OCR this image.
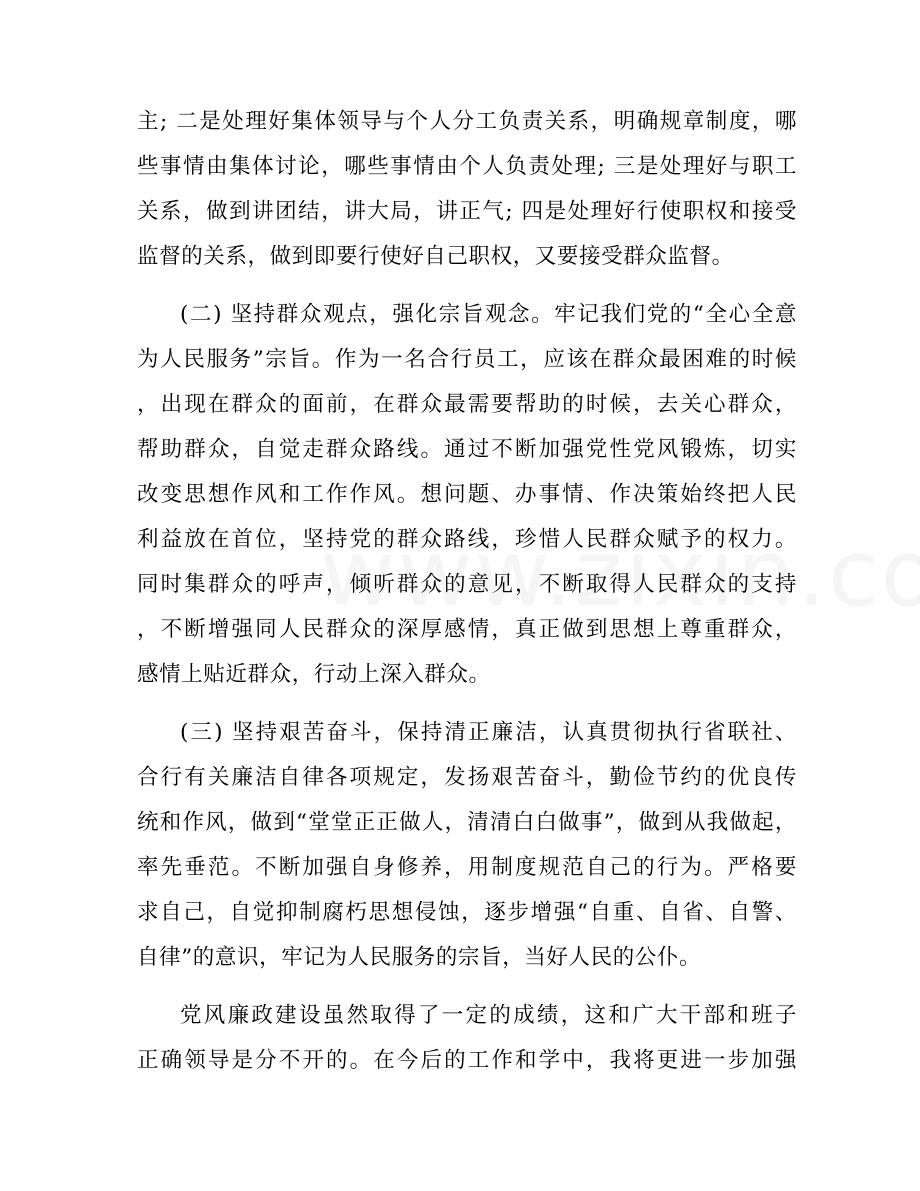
主; 二是处理好集体领导与个人分工负责关系，明确规章制度，哪
些事情由集体讨论，哪些事情由个人负责处理; 三是处理好与职工
关系，做到讲团结，讲大局，讲正气; 四是处理好行使职权和接受
监督的关系，做到即要行使好自己职权，又要接受群众监督。
(二) 坚持群众观点，强化宗旨观念。牢记我们党的“全心全意
为人民服务”宗旨。作为一名合行员工，应该在群众最困难的时候
，出现在群众的面前，在群众最需要帮助的时候，去关心群众，
帮助群众，自觉走群众路线。通过不断加强党性党风锻炼，切实
改变思想作风和工作作风。想问题、办事情、作决策始终把人民
利益放在首位，坚持党的群众路线，珍惜人民群众赋予的权力。
同时集群众的呼声，倾听群众的意见，不断取得人民群众的支持
，不断增强同人民群众的深厚感情，真正做到思想上尊重群众，
感情上贴近群众，行动上深入群众。
(三) 坚持艰苦奋斗，保持清正廉洁，认真贯彻执行省联社、
合行有关廉洁自律各项规定，发扬艰苦奋斗，勤俭节约的优良传
统和作风，做到“堂堂正正做人，清清白白做事”，做到从我做起，
率先垂范。不断加强自身修养，用制度规范自己的行为。严格要
求自己，自觉抑制腐朽思想侵蚀，逐步增强“自重、自省、自警、
自律”的意识，牢记为人民服务的宗旨，当好人民的公仆。
党风廉政建设虽然取得了一定的成绩，这和广大干部和班子
正确领导是分不开的。在今后的工作和学中，我将更进一步加强
